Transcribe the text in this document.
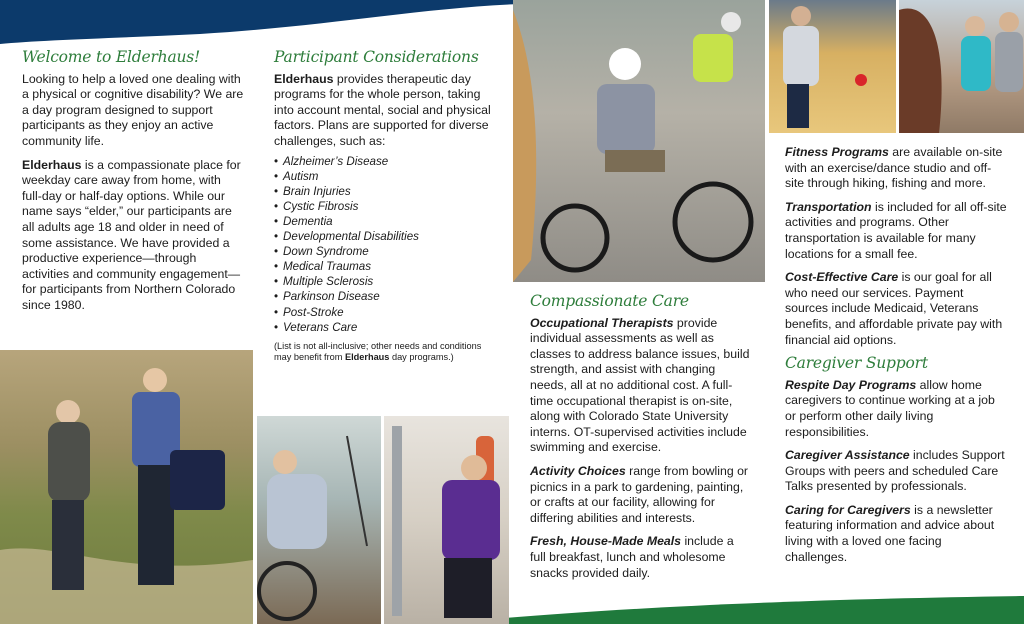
Welcome to Elderhaus!

Looking to help a loved one dealing with a physical or cognitive disability? We are a day program designed to support participants as they enjoy an active community life.

Elderhaus is a compassionate place for weekday care away from home, with full-day or half-day options. While our name says “elder,” our participants are all adults age 18 and older in need of some assistance. We have provided a productive experience—through activities and community engagement—for participants from Northern Colorado since 1980.

Participant Considerations

Elderhaus provides therapeutic day programs for the whole person, taking into account mental, social and physical factors. Plans are supported for diverse challenges, such as:

• Alzheimer’s Disease
• Autism
• Brain Injuries
• Cystic Fibrosis
• Dementia
• Developmental Disabilities
• Down Syndrome
• Medical Traumas
• Multiple Sclerosis
• Parkinson Disease
• Post-Stroke
• Veterans Care
(List is not all-inclusive; other needs and conditions may benefit from Elderhaus day programs.)
Compassionate Care

Occupational Therapists provide individual assessments as well as classes to address balance issues, build strength, and assist with changing needs, all at no additional cost. A full-time occupational therapist is on-site, along with Colorado State University interns. OT-supervised activities include swimming and exercise.

Activity Choices range from bowling or picnics in a park to gardening, painting, or crafts at our facility, allowing for differing abilities and interests.

Fresh, House-Made Meals include a full breakfast, lunch and wholesome snacks provided daily.

Fitness Programs are available on-site with an exercise/dance studio and off-site through hiking, fishing and more.

Transportation is included for all off-site activities and programs. Other transportation is available for many locations for a small fee.

Cost-Effective Care is our goal for all who need our services. Payment sources include Medicaid, Veterans benefits, and affordable private pay with financial aid options.

Caregiver Support

Respite Day Programs allow home caregivers to continue working at a job or perform other daily living responsibilities.

Caregiver Assistance includes Support Groups with peers and scheduled Care Talks presented by professionals.

Caring for Caregivers is a newsletter featuring information and advice about living with a loved one facing challenges.
